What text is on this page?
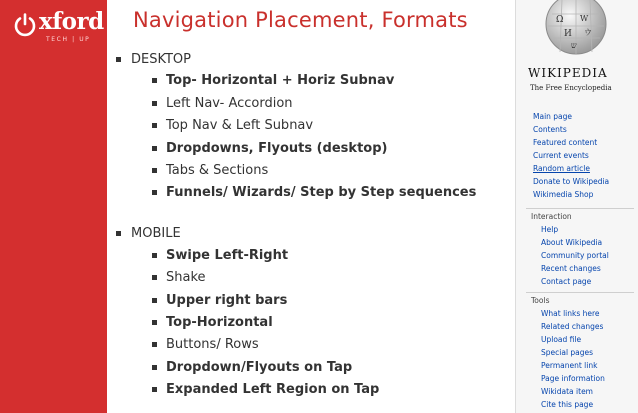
xford
TECH | UP
Navigation Placement, Formats
DESKTOP
Top- Horizontal + Horiz Subnav
Left Nav- Accordion
Top Nav & Left Subnav
Dropdowns, Flyouts (desktop)
Tabs & Sections
Funnels/ Wizards/ Step by Step sequences
MOBILE
Swipe Left-Right
Shake
Upper right bars
Top-Horizontal
Buttons/ Rows
Dropdown/Flyouts on Tap
Expanded Left Region on Tap
Ω W
И ウ
ש
WIKIPEDIA
The Free Encyclopedia
Main page
Contents
Featured content
Current events
Random article
Donate to Wikipedia
Wikimedia Shop
Interaction
Help
About Wikipedia
Community portal
Recent changes
Contact page
Tools
What links here
Related changes
Upload file
Special pages
Permanent link
Page information
Wikidata item
Cite this page
